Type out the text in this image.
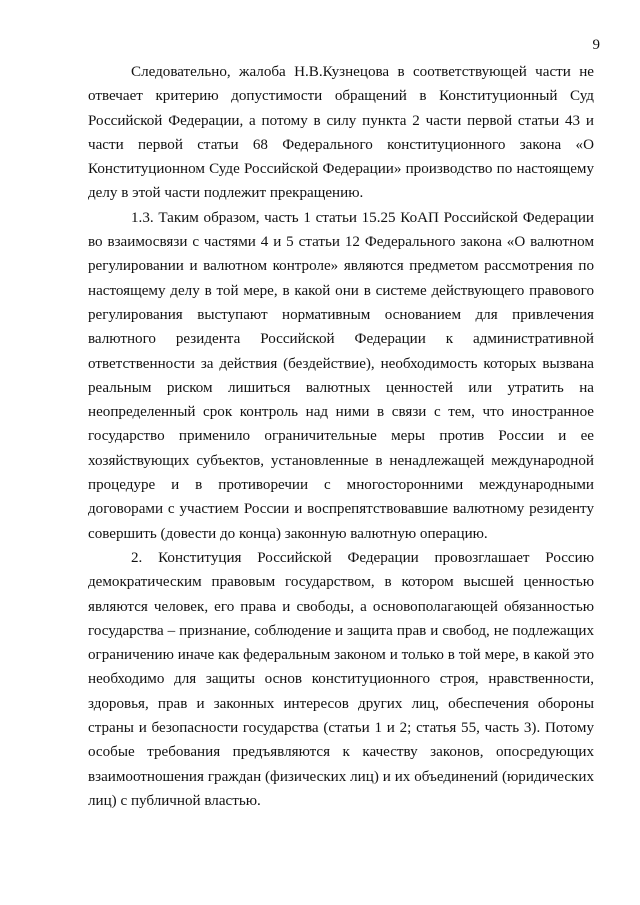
9

Следовательно, жалоба Н.В.Кузнецова в соответствующей части не отвечает критерию допустимости обращений в Конституционный Суд Российской Федерации, а потому в силу пункта 2 части первой статьи 43 и части первой статьи 68 Федерального конституционного закона «О Конституционном Суде Российской Федерации» производство по настоящему делу в этой части подлежит прекращению.

1.3. Таким образом, часть 1 статьи 15.25 КоАП Российской Федерации во взаимосвязи с частями 4 и 5 статьи 12 Федерального закона «О валютном регулировании и валютном контроле» являются предметом рассмотрения по настоящему делу в той мере, в какой они в системе действующего правового регулирования выступают нормативным основанием для привлечения валютного резидента Российской Федерации к административной ответственности за действия (бездействие), необходимость которых вызвана реальным риском лишиться валютных ценностей или утратить на неопределенный срок контроль над ними в связи с тем, что иностранное государство применило ограничительные меры против России и ее хозяйствующих субъектов, установленные в ненадлежащей международной процедуре и в противоречии с многосторонними международными договорами с участием России и воспрепятствовавшие валютному резиденту совершить (довести до конца) законную валютную операцию.

2. Конституция Российской Федерации провозглашает Россию демократическим правовым государством, в котором высшей ценностью являются человек, его права и свободы, а основополагающей обязанностью государства – признание, соблюдение и защита прав и свобод, не подлежащих ограничению иначе как федеральным законом и только в той мере, в какой это необходимо для защиты основ конституционного строя, нравственности, здоровья, прав и законных интересов других лиц, обеспечения обороны страны и безопасности государства (статьи 1 и 2; статья 55, часть 3). Потому особые требования предъявляются к качеству законов, опосредующих взаимоотношения граждан (физических лиц) и их объединений (юридических лиц) с публичной властью.
